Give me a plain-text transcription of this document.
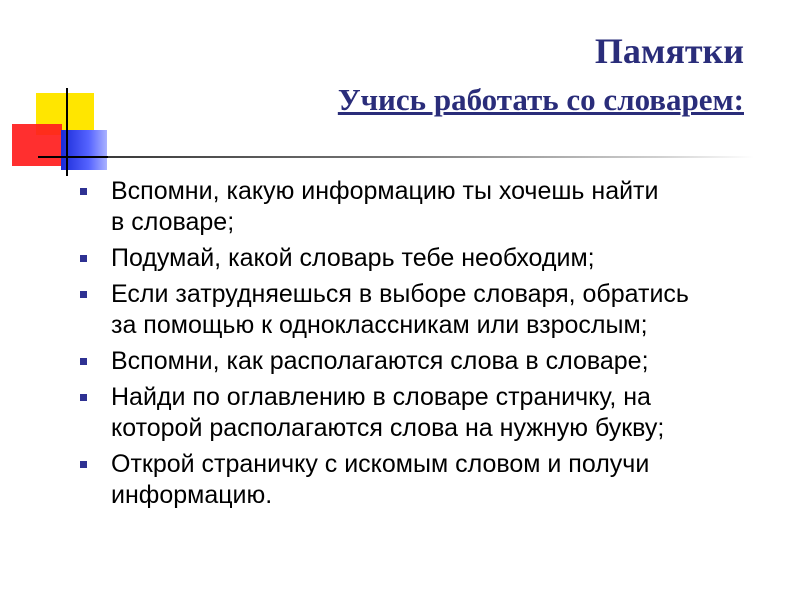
Памятки
Учись работать со словарем:
Вспомни, какую информацию ты хочешь найти
в словаре;
Подумай, какой словарь тебе необходим;
Если затрудняешься в выборе словаря, обратись
за помощью к одноклассникам или взрослым;
Вспомни, как располагаются слова в словаре;
Найди по оглавлению в словаре страничку, на
которой располагаются слова на нужную букву;
Открой страничку с искомым словом и получи
информацию.
